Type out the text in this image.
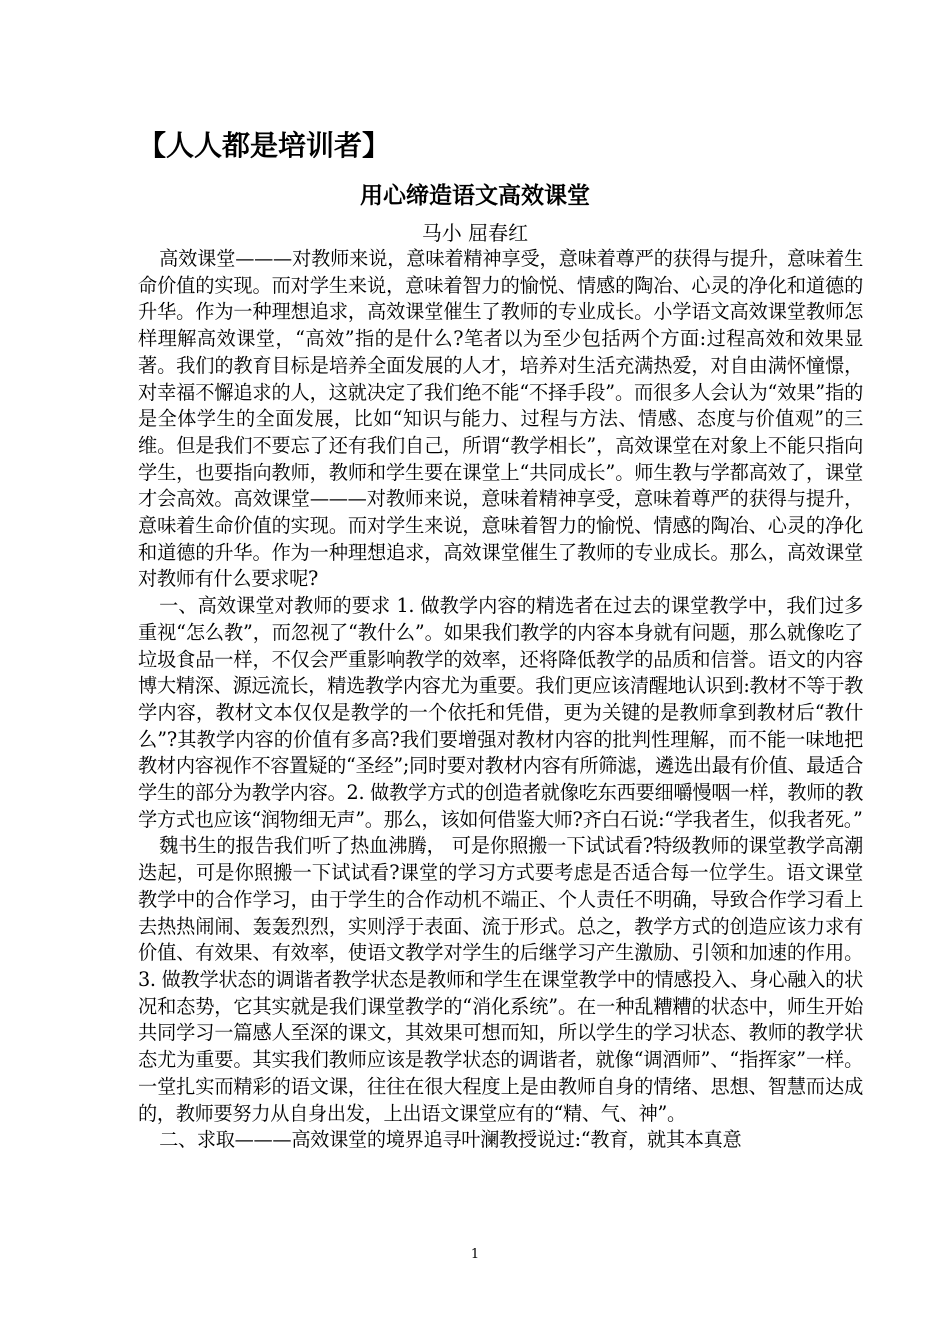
【人人都是培训者】
用心缔造语文高效课堂
马小 屈春红

高效课堂———对教师来说，意味着精神享受，意味着尊严的获得与提升，意味着生命价值的实现。而对学生来说，意味着智力的愉悦、情感的陶冶、心灵的净化和道德的升华。作为一种理想追求，高效课堂催生了教师的专业成长。小学语文高效课堂教师怎样理解高效课堂，“高效”指的是什么?笔者以为至少包括两个方面:过程高效和效果显著。我们的教育目标是培养全面发展的人才，培养对生活充满热爱，对自由满怀憧憬，对幸福不懈追求的人，这就决定了我们绝不能“不择手段”。而很多人会认为“效果”指的是全体学生的全面发展，比如“知识与能力、过程与方法、情感、态度与价值观”的三维。但是我们不要忘了还有我们自己，所谓“教学相长”，高效课堂在对象上不能只指向学生，也要指向教师，教师和学生要在课堂上“共同成长”。师生教与学都高效了，课堂才会高效。高效课堂———对教师来说，意味着精神享受，意味着尊严的获得与提升，意味着生命价值的实现。而对学生来说，意味着智力的愉悦、情感的陶冶、心灵的净化和道德的升华。作为一种理想追求，高效课堂催生了教师的专业成长。那么，高效课堂对教师有什么要求呢?

一、高效课堂对教师的要求 1. 做教学内容的精选者在过去的课堂教学中，我们过多重视“怎么教”，而忽视了“教什么”。如果我们教学的内容本身就有问题，那么就像吃了垃圾食品一样，不仅会严重影响教学的效率，还将降低教学的品质和信誉。语文的内容博大精深、源远流长，精选教学内容尤为重要。我们更应该清醒地认识到:教材不等于教学内容，教材文本仅仅是教学的一个依托和凭借，更为关键的是教师拿到教材后“教什么”?其教学内容的价值有多高?我们要增强对教材内容的批判性理解，而不能一味地把教材内容视作不容置疑的“圣经”;同时要对教材内容有所筛滤，遴选出最有价值、最适合学生的部分为教学内容。2. 做教学方式的创造者就像吃东西要细嚼慢咽一样，教师的教学方式也应该“润物细无声”。那么，该如何借鉴大师?齐白石说:“学我者生，似我者死。”

魏书生的报告我们听了热血沸腾， 可是你照搬一下试试看?特级教师的课堂教学高潮迭起，可是你照搬一下试试看?课堂的学习方式要考虑是否适合每一位学生。语文课堂教学中的合作学习，由于学生的合作动机不端正、个人责任不明确，导致合作学习看上去热热闹闹、轰轰烈烈，实则浮于表面、流于形式。总之，教学方式的创造应该力求有价值、有效果、有效率，使语文教学对学生的后继学习产生激励、引领和加速的作用。3. 做教学状态的调谐者教学状态是教师和学生在课堂教学中的情感投入、身心融入的状况和态势，它其实就是我们课堂教学的“消化系统”。在一种乱糟糟的状态中，师生开始共同学习一篇感人至深的课文，其效果可想而知，所以学生的学习状态、教师的教学状态尤为重要。其实我们教师应该是教学状态的调谐者，就像“调酒师”、“指挥家”一样。一堂扎实而精彩的语文课，往往在很大程度上是由教师自身的情绪、思想、智慧而达成的，教师要努力从自身出发，上出语文课堂应有的“精、气、神”。

二、求取———高效课堂的境界追寻叶澜教授说过:“教育，就其本真意

1
